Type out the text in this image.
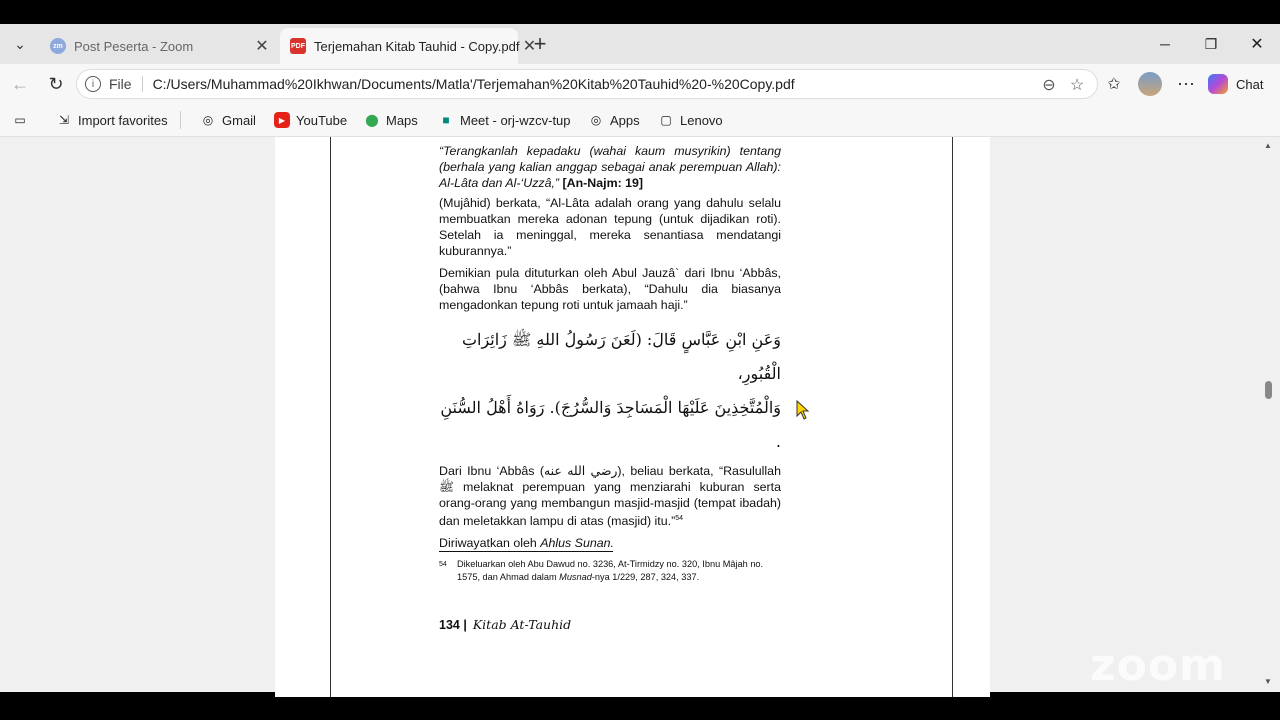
⌄	zm Post Peserta - Zoom	✕	PDF Terjemahan Kitab Tauhid - Copy.pdf ✕
+	─	❐	✕
←	↻	i	File C:/Users/Muhammad%20Ikhwan/Documents/Matla'/Terjemahan%20Kitab%20Tauhid%20-%20Copy.pdf	⊖ ☆	✩	⋯	Chat
▭	⇲ Import favorites	◎ Gmail	▶ YouTube ⬤ Maps	■ Meet - orj-wzcv-tup ◎ Apps ▢ Lenovo

“Terangkanlah kepadaku (wahai kaum musyrikin) tentang (berhala yang kalian anggap sebagai anak perempuan Allah): Al-Lâta dan Al-‘Uzzâ,” [An-Najm: 19]

(Mujâhid) berkata, “Al-Lâta adalah orang yang dahulu selalu membuatkan mereka adonan tepung (untuk dijadikan roti). Setelah ia meninggal, mereka senantiasa mendatangi kuburannya.”

Demikian pula dituturkan oleh Abul Jauzâ` dari Ibnu ‘Abbâs, (bahwa Ibnu ‘Abbâs berkata), “Dahulu dia biasanya mengadonkan tepung roti untuk jamaah haji.”

وَعَنِ ابْنِ عَبَّاسٍ قَالَ: (لَعَنَ رَسُولُ اللهِ ﷺ زَائِرَاتِ الْقُبُورِ،
وَالْمُتَّخِذِينَ عَلَيْهَا الْمَسَاجِدَ وَالسُّرُجَ). رَوَاهُ أَهْلُ السُّنَنِ .

Dari Ibnu ‘Abbâs (رضي الله عنه), beliau berkata, “Rasulullah ﷺ melaknat perempuan yang menziarahi kuburan serta orang-orang yang membangun masjid-masjid (tempat ibadah) dan meletakkan lampu di atas (masjid) itu.”$^{54}$

Diriwayatkan oleh Ahlus Sunan.

54	Dikeluarkan oleh Abu Dawud no. 3236, At-Tirmidzy no. 320, Ibnu Mâjah no. 1575, dan Ahmad dalam Musnad-nya 1/229, 287, 324, 337.
134 | Kitab At-Tauhid
▲
▼
zoom
